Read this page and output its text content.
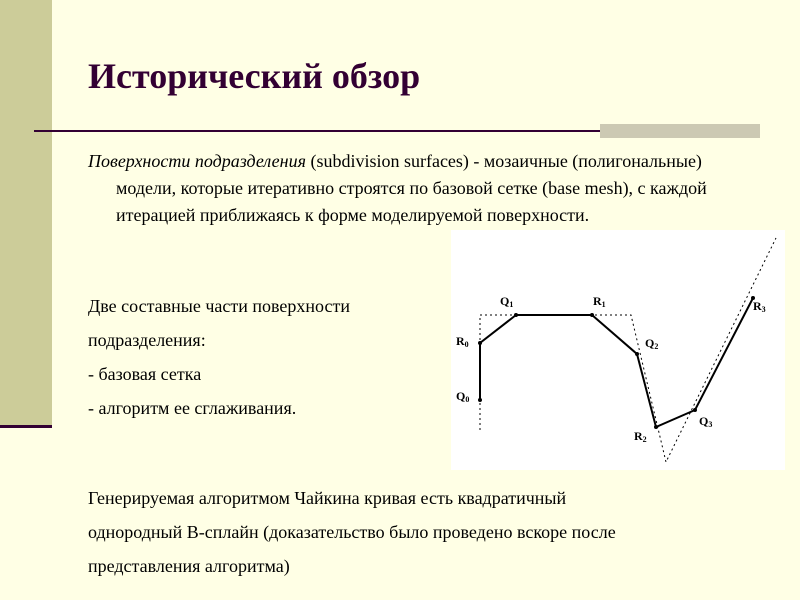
Исторический обзор
Поверхности подразделения (subdivision surfaces) - мозаичные (полигональные) модели, которые итеративно строятся по базовой сетке (base mesh), с каждой итерацией приближаясь к форме моделируемой поверхности.
Две составные части поверхности
подразделения:
- базовая сетка
- алгоритм ее сглаживания.
Q0
R0
Q1	R1
Q2
R2
Q3
R3
Генерируемая алгоритмом Чайкина кривая есть квадратичный
однородный В-сплайн (доказательство было проведено вскоре после
представления алгоритма)
